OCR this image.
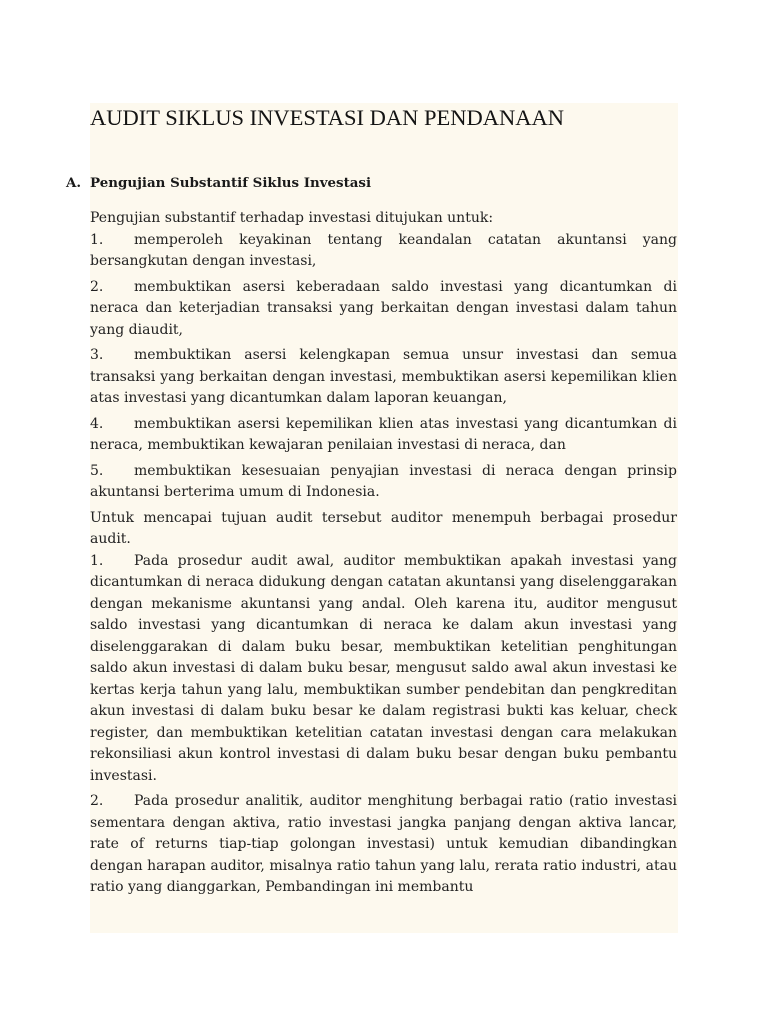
AUDIT SIKLUS INVESTASI DAN PENDANAAN
A. Pengujian Substantif Siklus Investasi

Pengujian substantif terhadap investasi ditujukan untuk:

1. memperoleh keyakinan tentang keandalan catatan akuntansi yang bersangkutan dengan investasi,

2. membuktikan asersi keberadaan saldo investasi yang dicantumkan di neraca dan keterjadian transaksi yang berkaitan dengan investasi dalam tahun yang diaudit,

3. membuktikan asersi kelengkapan semua unsur investasi dan semua transaksi yang berkaitan dengan investasi, membuktikan asersi kepemilikan klien atas investasi yang dicantumkan dalam laporan keuangan,

4. membuktikan asersi kepemilikan klien atas investasi yang dicantumkan di neraca, membuktikan kewajaran penilaian investasi di neraca, dan

5. membuktikan kesesuaian penyajian investasi di neraca dengan prinsip akuntansi berterima umum di Indonesia.

Untuk mencapai tujuan audit tersebut auditor menempuh berbagai prosedur audit.

1. Pada prosedur audit awal, auditor membuktikan apakah investasi yang dicantumkan di neraca didukung dengan catatan akuntansi yang diselenggarakan dengan mekanisme akuntansi yang andal. Oleh karena itu, auditor mengusut saldo investasi yang dicantumkan di neraca ke dalam akun investasi yang diselenggarakan di dalam buku besar, membuktikan ketelitian penghitungan saldo akun investasi di dalam buku besar, mengusut saldo awal akun investasi ke kertas kerja tahun yang lalu, membuktikan sumber pendebitan dan pengkreditan akun investasi di dalam buku besar ke dalam registrasi bukti kas keluar, check register, dan membuktikan ketelitian catatan investasi dengan cara melakukan rekonsiliasi akun kontrol investasi di dalam buku besar dengan buku pembantu investasi.

2. Pada prosedur analitik, auditor menghitung berbagai ratio (ratio investasi sementara dengan aktiva, ratio investasi jangka panjang dengan aktiva lancar, rate of returns tiap-tiap golongan investasi) untuk kemudian dibandingkan dengan harapan auditor, misalnya ratio tahun yang lalu, rerata ratio industri, atau ratio yang dianggarkan, Pembandingan ini membantu
